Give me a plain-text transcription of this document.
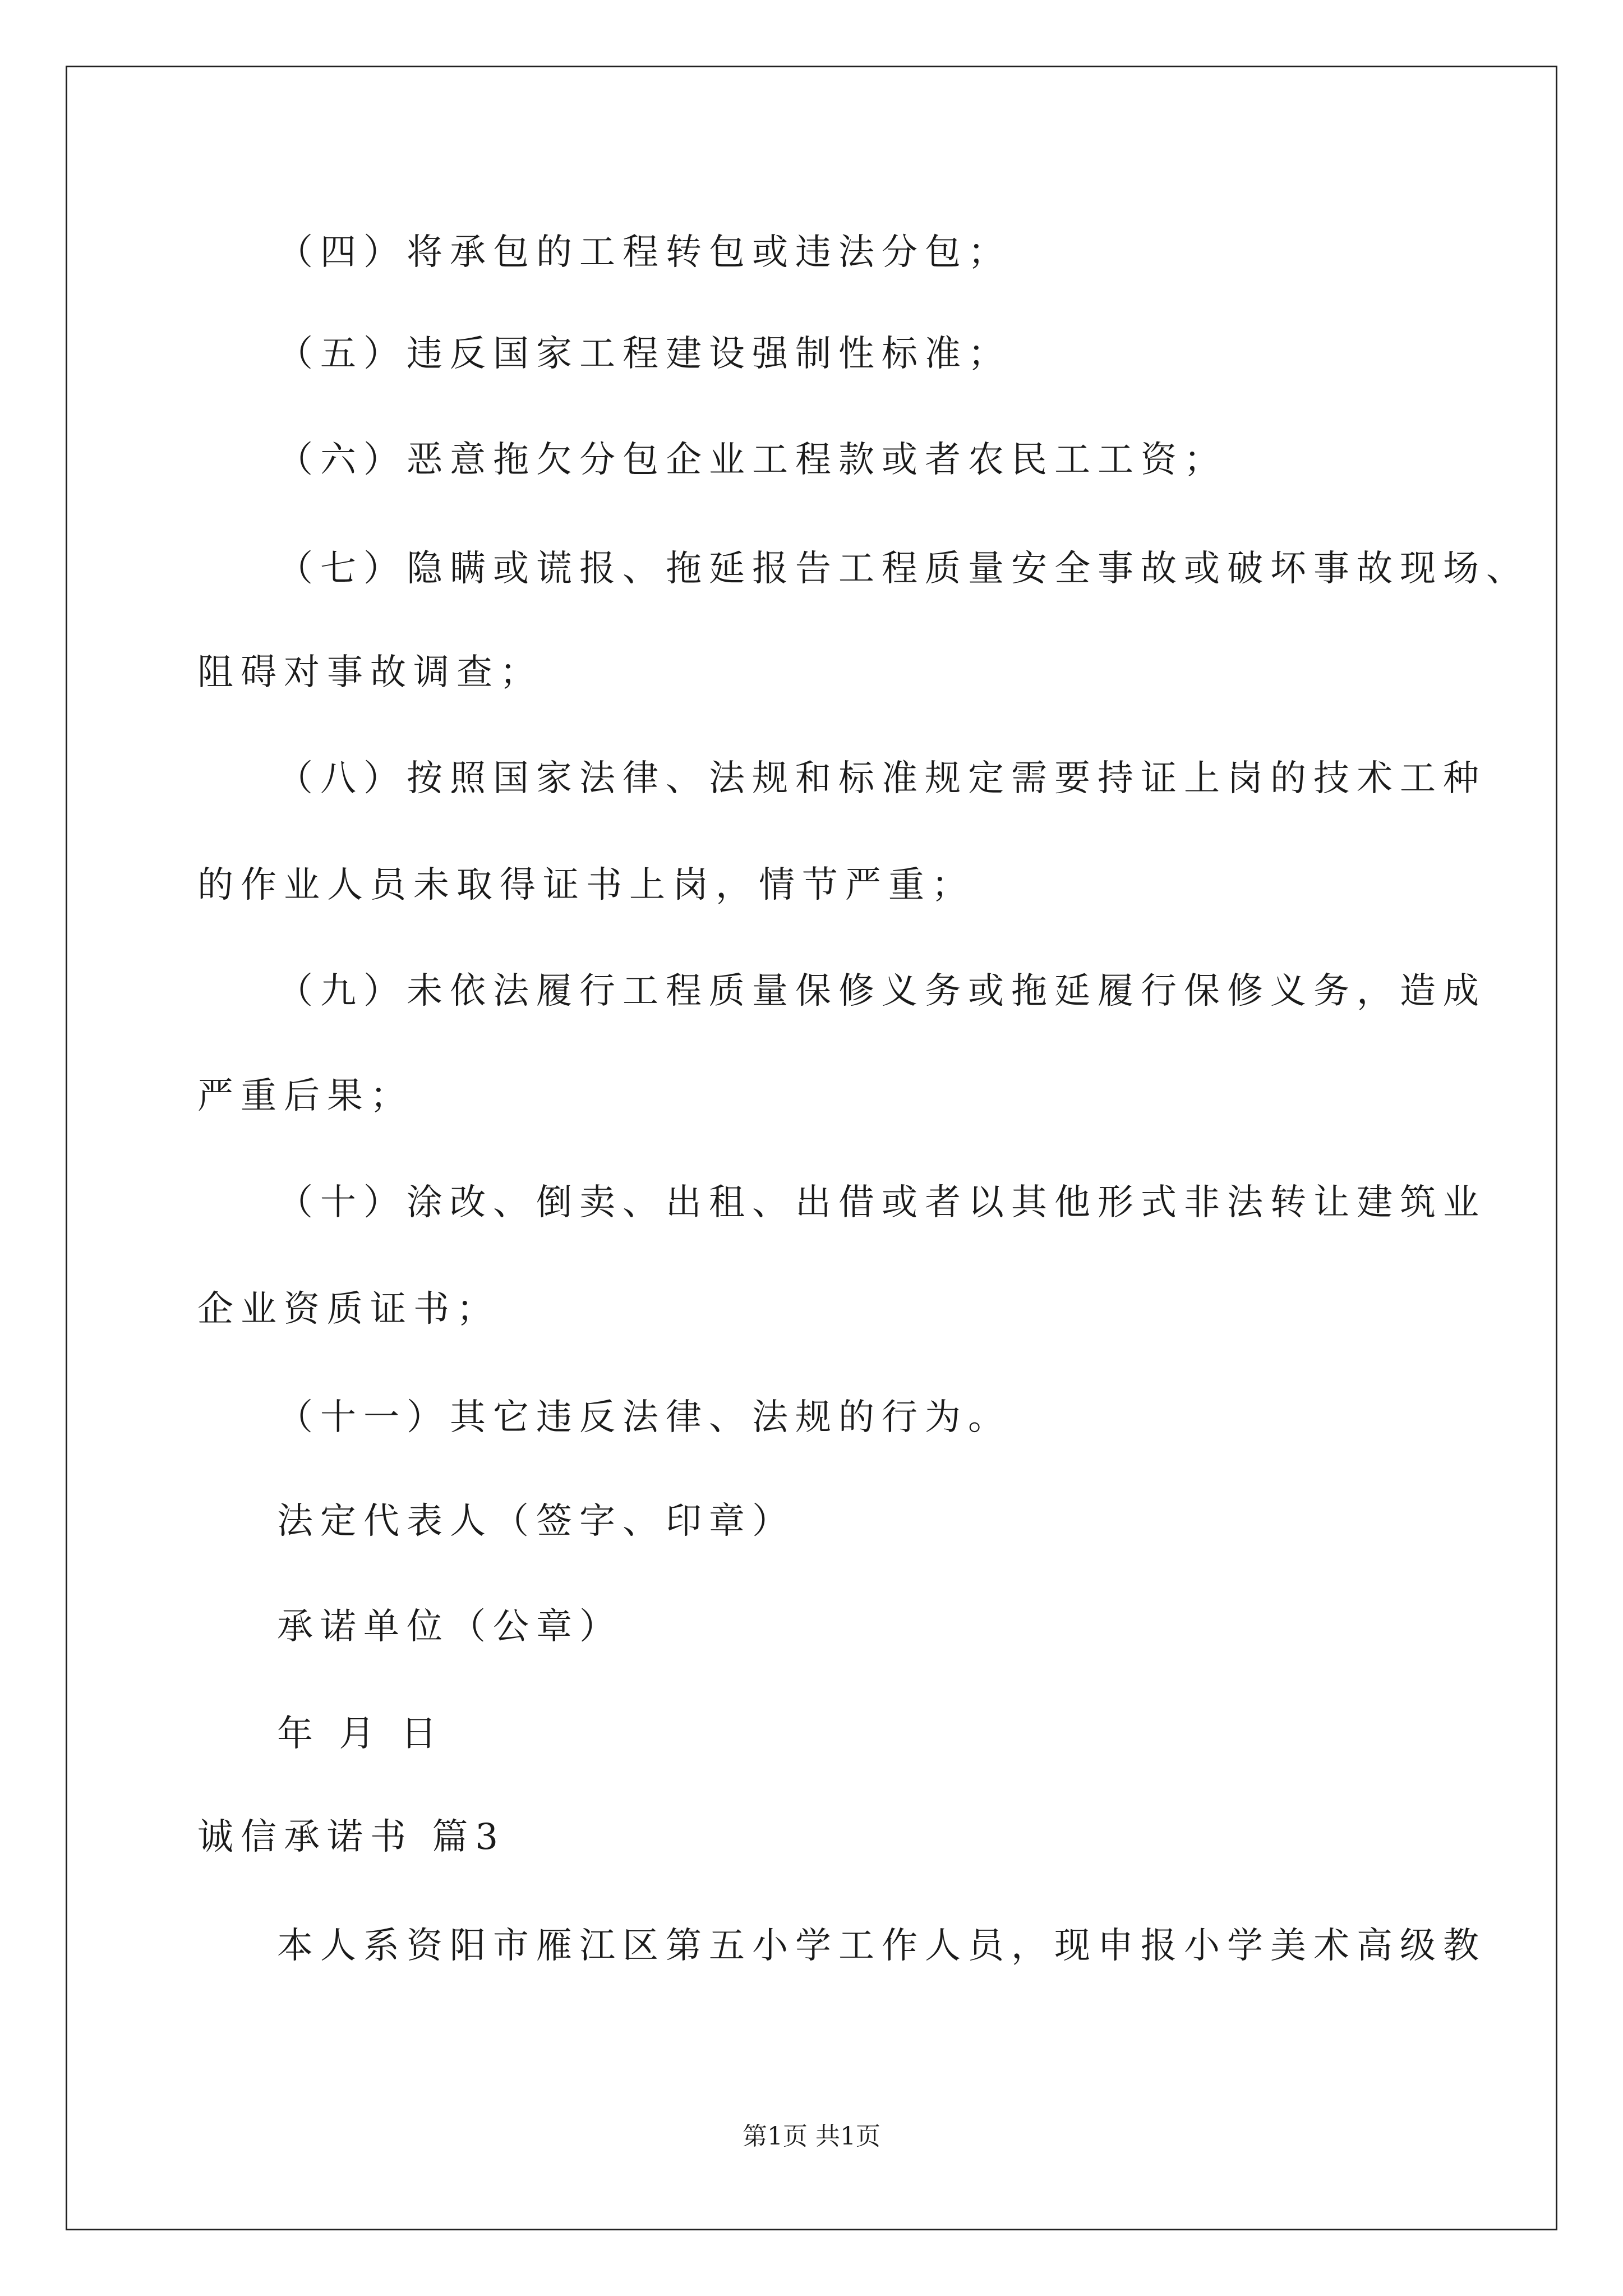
（四）将承包的工程转包或违法分包；
（五）违反国家工程建设强制性标准；
（六）恶意拖欠分包企业工程款或者农民工工资；
（七）隐瞒或谎报、拖延报告工程质量安全事故或破坏事故现场、
阻碍对事故调查；
（八）按照国家法律、法规和标准规定需要持证上岗的技术工种
的作业人员未取得证书上岗，情节严重；
（九）未依法履行工程质量保修义务或拖延履行保修义务，造成
严重后果；
（十）涂改、倒卖、出租、出借或者以其他形式非法转让建筑业
企业资质证书；
（十一）其它违反法律、法规的行为。
法定代表人（签字、印章）
承诺单位（公章）
年 月 日
诚信承诺书 篇3
本人系资阳市雁江区第五小学工作人员，现申报小学美术高级教
第1页 共1页
